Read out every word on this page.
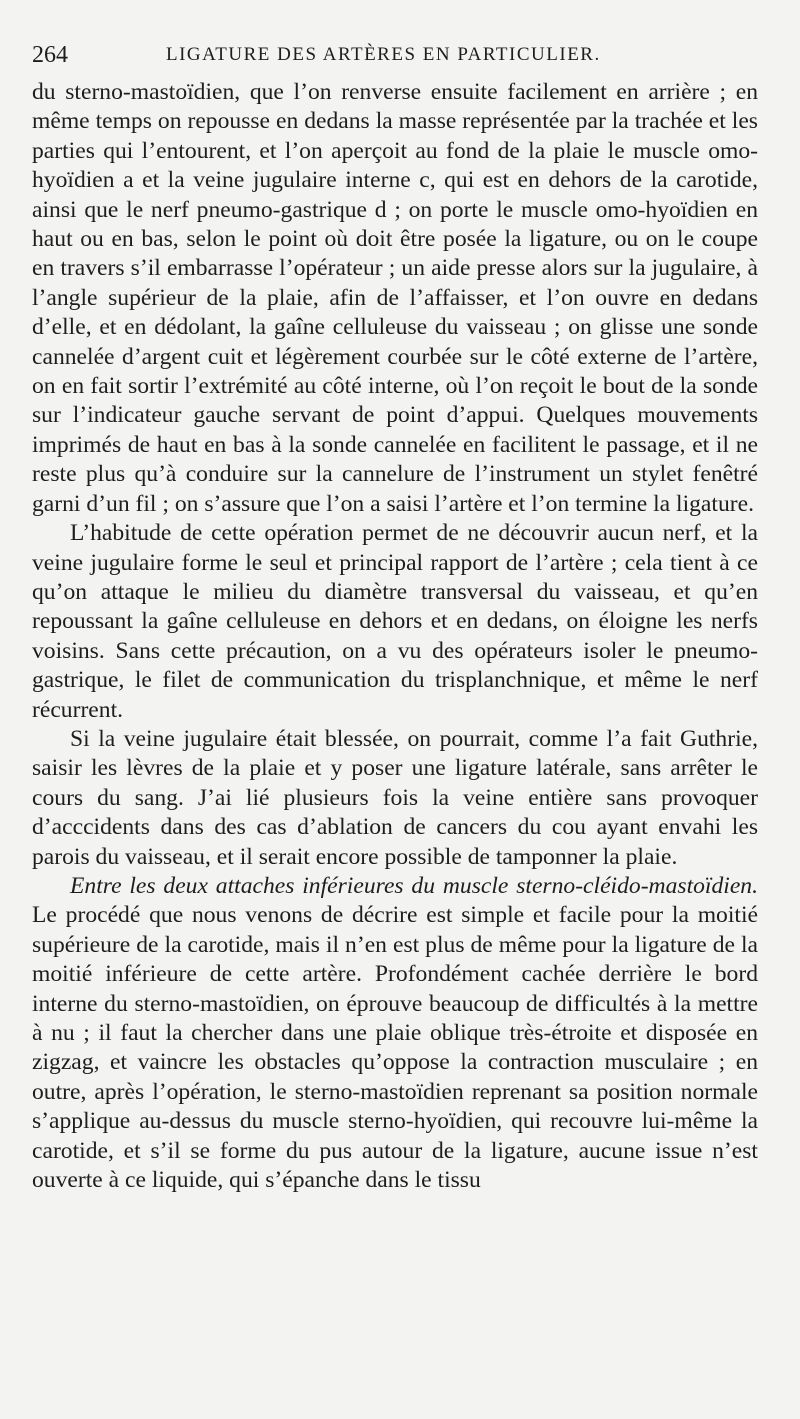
264	LIGATURE DES ARTÈRES EN PARTICULIER.

du sterno-mastoïdien, que l’on renverse ensuite facilement en arrière ; en même temps on repousse en dedans la masse représentée par la trachée et les parties qui l’entourent, et l’on aperçoit au fond de la plaie le muscle omo-hyoïdien a et la veine jugulaire interne c, qui est en dehors de la carotide, ainsi que le nerf pneumo-gastrique d ; on porte le muscle omo-hyoïdien en haut ou en bas, selon le point où doit être posée la ligature, ou on le coupe en travers s’il embarrasse l’opérateur ; un aide presse alors sur la jugulaire, à l’angle supérieur de la plaie, afin de l’affaisser, et l’on ouvre en dedans d’elle, et en dédolant, la gaîne celluleuse du vaisseau ; on glisse une sonde cannelée d’argent cuit et légèrement courbée sur le côté externe de l’artère, on en fait sortir l’extrémité au côté interne, où l’on reçoit le bout de la sonde sur l’indicateur gauche servant de point d’appui. Quelques mouvements imprimés de haut en bas à la sonde cannelée en facilitent le passage, et il ne reste plus qu’à conduire sur la cannelure de l’instrument un stylet fenêtré garni d’un fil ; on s’assure que l’on a saisi l’artère et l’on termine la ligature.

L’habitude de cette opération permet de ne découvrir aucun nerf, et la veine jugulaire forme le seul et principal rapport de l’artère ; cela tient à ce qu’on attaque le milieu du diamètre transversal du vaisseau, et qu’en repoussant la gaîne celluleuse en dehors et en dedans, on éloigne les nerfs voisins. Sans cette précaution, on a vu des opérateurs isoler le pneumo-gastrique, le filet de communication du trisplanchnique, et même le nerf récurrent.

Si la veine jugulaire était blessée, on pourrait, comme l’a fait Guthrie, saisir les lèvres de la plaie et y poser une ligature latérale, sans arrêter le cours du sang. J’ai lié plusieurs fois la veine entière sans provoquer d’acccidents dans des cas d’ablation de cancers du cou ayant envahi les parois du vaisseau, et il serait encore possible de tamponner la plaie.

Entre les deux attaches inférieures du muscle sterno-cléido-mastoïdien. Le procédé que nous venons de décrire est simple et facile pour la moitié supérieure de la carotide, mais il n’en est plus de même pour la ligature de la moitié inférieure de cette artère. Profondément cachée derrière le bord interne du sterno-mastoïdien, on éprouve beaucoup de difficultés à la mettre à nu ; il faut la chercher dans une plaie oblique très-étroite et disposée en zigzag, et vaincre les obstacles qu’oppose la contraction musculaire ; en outre, après l’opération, le sterno-mastoïdien reprenant sa position normale s’applique au-dessus du muscle sterno-hyoïdien, qui recouvre lui-même la carotide, et s’il se forme du pus autour de la ligature, aucune issue n’est ouverte à ce liquide, qui s’épanche dans le tissu
